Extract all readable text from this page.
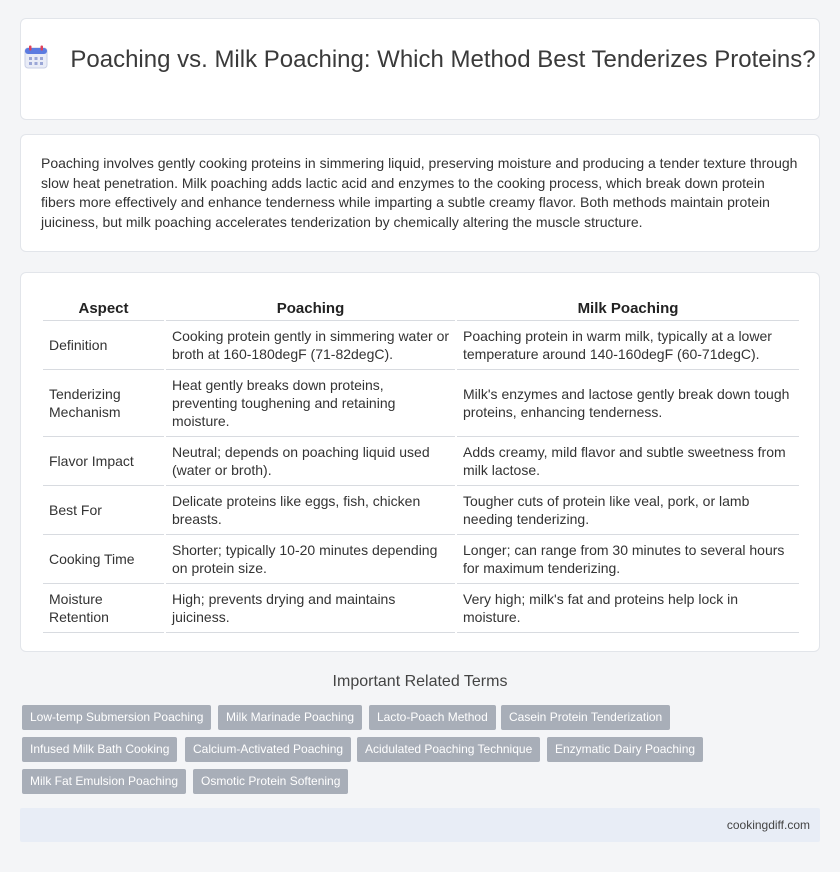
Poaching vs. Milk Poaching: Which Method Best Tenderizes Proteins?

Poaching involves gently cooking proteins in simmering liquid, preserving moisture and producing a tender texture through slow heat penetration. Milk poaching adds lactic acid and enzymes to the cooking process, which break down protein fibers more effectively and enhance tenderness while imparting a subtle creamy flavor. Both methods maintain protein juiciness, but milk poaching accelerates tenderization by chemically altering the muscle structure.

Aspect	Poaching	Milk Poaching
Definition	Cooking protein gently in simmering water or broth at 160-180degF (71-82degC).	Poaching protein in warm milk, typically at a lower temperature around 140-160degF (60-71degC).
Tenderizing Mechanism	Heat gently breaks down proteins, preventing toughening and retaining moisture.	Milk's enzymes and lactose gently break down tough proteins, enhancing tenderness.
Flavor Impact	Neutral; depends on poaching liquid used (water or broth).	Adds creamy, mild flavor and subtle sweetness from milk lactose.
Best For	Delicate proteins like eggs, fish, chicken breasts.	Tougher cuts of protein like veal, pork, or lamb needing tenderizing.
Cooking Time	Shorter; typically 10-20 minutes depending on protein size.	Longer; can range from 30 minutes to several hours for maximum tenderizing.
Moisture Retention	High; prevents drying and maintains juiciness.	Very high; milk's fat and proteins help lock in moisture.
Important Related Terms
Low-temp Submersion Poaching	Milk Marinade Poaching	Lacto-Poach Method	Casein Protein Tenderization
Infused Milk Bath Cooking	Calcium-Activated Poaching	Acidulated Poaching Technique	Enzymatic Dairy Poaching
Milk Fat Emulsion Poaching	Osmotic Protein Softening
cookingdiff.com
